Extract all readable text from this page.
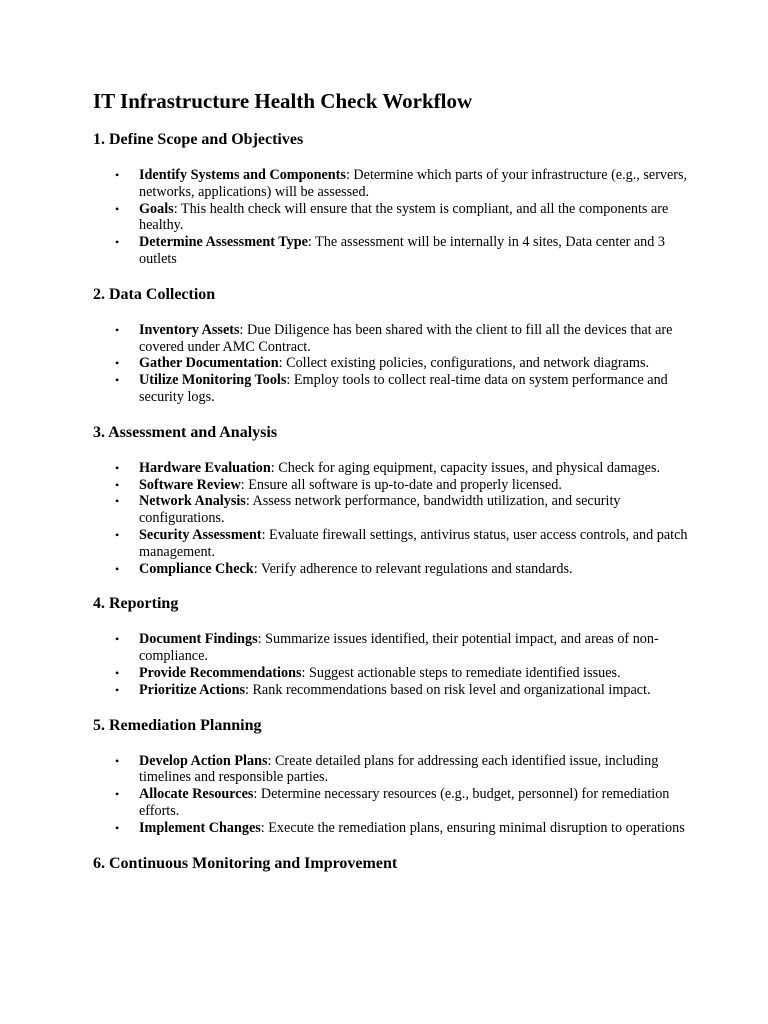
IT Infrastructure Health Check Workflow
1. Define Scope and Objectives
• Identify Systems and Components: Determine which parts of your infrastructure (e.g., servers, networks, applications) will be assessed.
• Goals: This health check will ensure that the system is compliant, and all the components are healthy.
• Determine Assessment Type: The assessment will be internally in 4 sites, Data center and 3 outlets
2. Data Collection
• Inventory Assets: Due Diligence has been shared with the client to fill all the devices that are covered under AMC Contract.
• Gather Documentation: Collect existing policies, configurations, and network diagrams.
• Utilize Monitoring Tools: Employ tools to collect real-time data on system performance and security logs.
3. Assessment and Analysis
• Hardware Evaluation: Check for aging equipment, capacity issues, and physical damages.
• Software Review: Ensure all software is up-to-date and properly licensed.
• Network Analysis: Assess network performance, bandwidth utilization, and security configurations.
• Security Assessment: Evaluate firewall settings, antivirus status, user access controls, and patch management.
• Compliance Check: Verify adherence to relevant regulations and standards.
4. Reporting
• Document Findings: Summarize issues identified, their potential impact, and areas of non-compliance.
• Provide Recommendations: Suggest actionable steps to remediate identified issues.
• Prioritize Actions: Rank recommendations based on risk level and organizational impact.
5. Remediation Planning
• Develop Action Plans: Create detailed plans for addressing each identified issue, including timelines and responsible parties.
• Allocate Resources: Determine necessary resources (e.g., budget, personnel) for remediation efforts.
• Implement Changes: Execute the remediation plans, ensuring minimal disruption to operations
6. Continuous Monitoring and Improvement
